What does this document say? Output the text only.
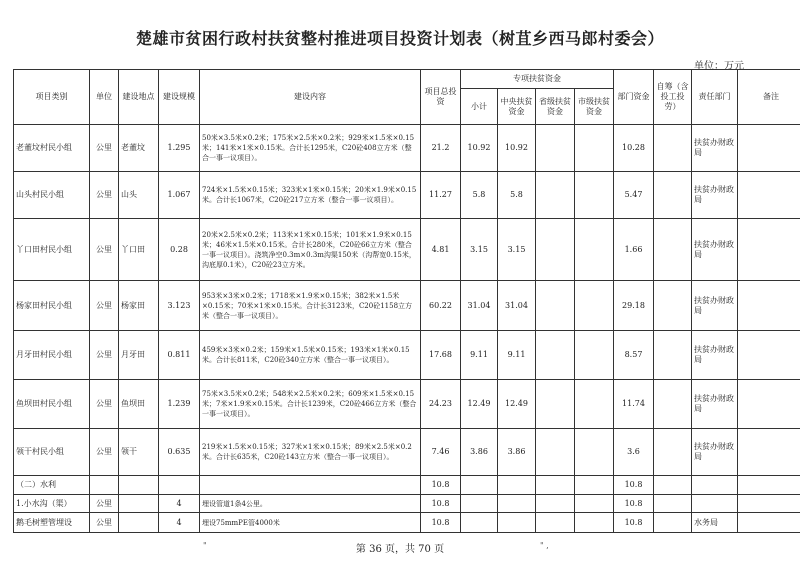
楚雄市贫困行政村扶贫整村推进项目投资计划表（树苴乡西马郎村委会）
单位：万元
项目类别	单位	建设地点	建设规模	建设内容	项目总投资	专项扶贫资金				部门资金	自筹（含投工投劳）	责任部门	备注
						小计	中央扶贫资金	省级扶贫资金	市级扶贫资金				
老董坟村民小组	公里	老董坟	1.295	50米×3.5米×0.2米；175米×2.5米×0.2米；929米×1.5米×0.15米；141米×1米×0.15米。合计长1295米，C20砼408立方米（整合一事一议项目）。	21.2	10.92	10.92			10.28		扶贫办财政局	
山头村民小组	公里	山头	1.067	724米×1.5米×0.15米；323米×1米×0.15米；20米×1.9米×0.15米。合计长1067米，C20砼217立方米（整合一事一议项目）。	11.27	5.8	5.8			5.47		扶贫办财政局	
丫口田村民小组	公里	丫口田	0.28	20米×2.5米×0.2米；113米×1米×0.15米；101米×1.9米×0.15米；46米×1.5米×0.15米。合计长280米，C20砼66立方米（整合一事一议项目）。浇筑净空0.3m×0.3m沟渠150米（沟帮宽0.15米，沟底厚0.1米），C20砼23立方米。	4.81	3.15	3.15			1.66		扶贫办财政局	
杨家田村民小组	公里	杨家田	3.123	953米×3米×0.2米；1718米×1.9米×0.15米；382米×1.5米×0.15米；70米×1米×0.15米。合计长3123米，C20砼1158立方米（整合一事一议项目）。	60.22	31.04	31.04			29.18		扶贫办财政局	
月牙田村民小组	公里	月牙田	0.811	459米×3米×0.2米；159米×1.5米×0.15米；193米×1米×0.15米。合计长811米，C20砼340立方米（整合一事一议项目）。	17.68	9.11	9.11			8.57		扶贫办财政局	
鱼坝田村民小组	公里	鱼坝田	1.239	75米×3.5米×0.2米；548米×2.5米×0.2米；609米×1.5米×0.15米；7米×1.9米×0.15米。合计长1239米，C20砼466立方米（整合一事一议项目）。	24.23	12.49	12.49			11.74		扶贫办财政局	
领干村民小组	公里	领干	0.635	219米×1.5米×0.15米；327米×1米×0.15米；89米×2.5米×0.2米。合计长635米，C20砼143立方米（整合一事一议项目）。	7.46	3.86	3.86			3.6		扶贫办财政局	
（二）水利					10.8					10.8			
1.小水沟（渠）	公里		4	埋设管道1条4公里。	10.8					10.8			
鹅毛树塑管埋设	公里		4	埋设75mmPE管4000米	10.8					10.8		水务局	
"	第 36 页，共 70 页	" ,
